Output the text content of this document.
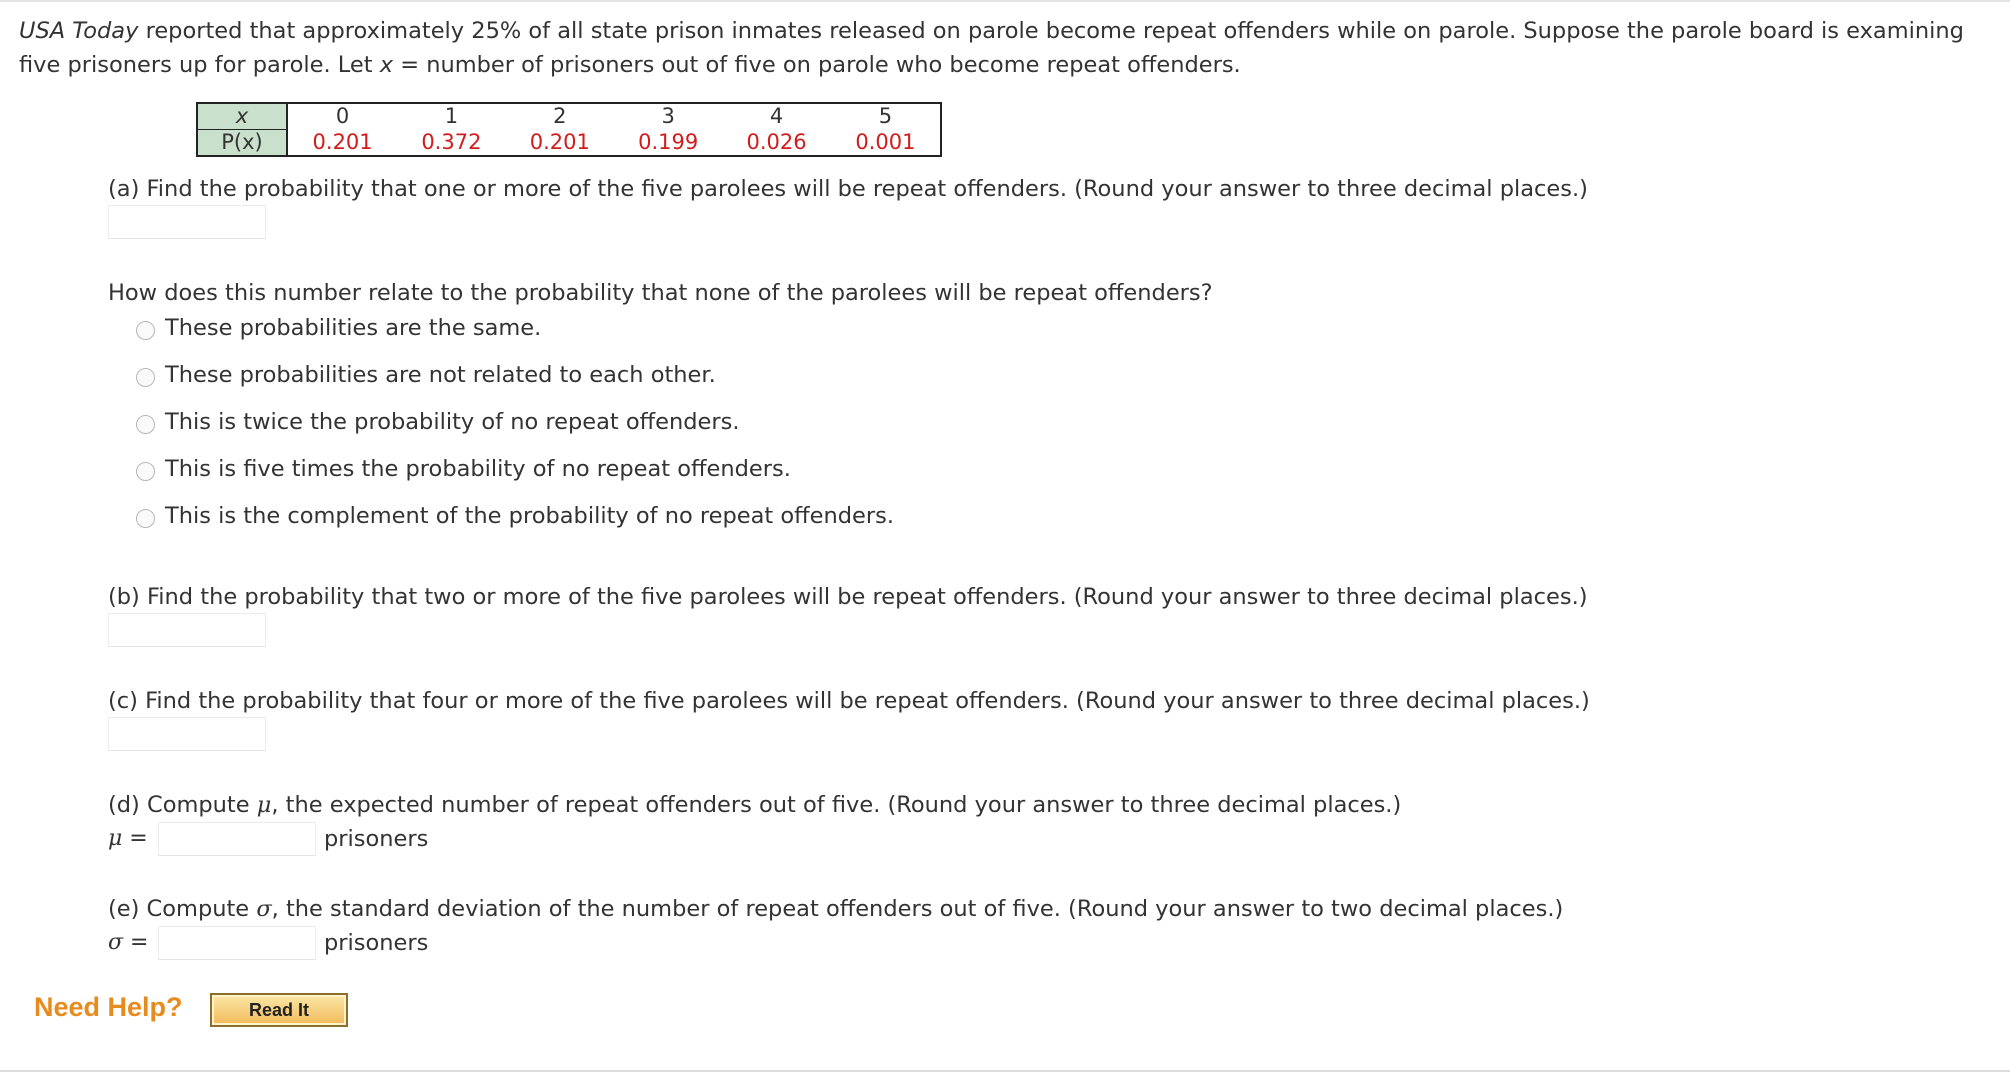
USA Today reported that approximately 25% of all state prison inmates released on parole become repeat offenders while on parole. Suppose the parole board is examining five prisoners up for parole. Let x = number of prisoners out of five on parole who become repeat offenders.

x	0	1	2	3	4	5
P(x)	0.201	0.372	0.201	0.199	0.026	0.001

(a) Find the probability that one or more of the five parolees will be repeat offenders. (Round your answer to three decimal places.)

How does this number relate to the probability that none of the parolees will be repeat offenders?

These probabilities are the same.
These probabilities are not related to each other.
This is twice the probability of no repeat offenders.
This is five times the probability of no repeat offenders.
This is the complement of the probability of no repeat offenders.

(b) Find the probability that two or more of the five parolees will be repeat offenders. (Round your answer to three decimal places.)

(c) Find the probability that four or more of the five parolees will be repeat offenders. (Round your answer to three decimal places.)

(d) Compute μ, the expected number of repeat offenders out of five. (Round your answer to three decimal places.)

μ =	prisoners

(e) Compute σ, the standard deviation of the number of repeat offenders out of five. (Round your answer to two decimal places.)

σ =	prisoners
Need Help?	Read It
